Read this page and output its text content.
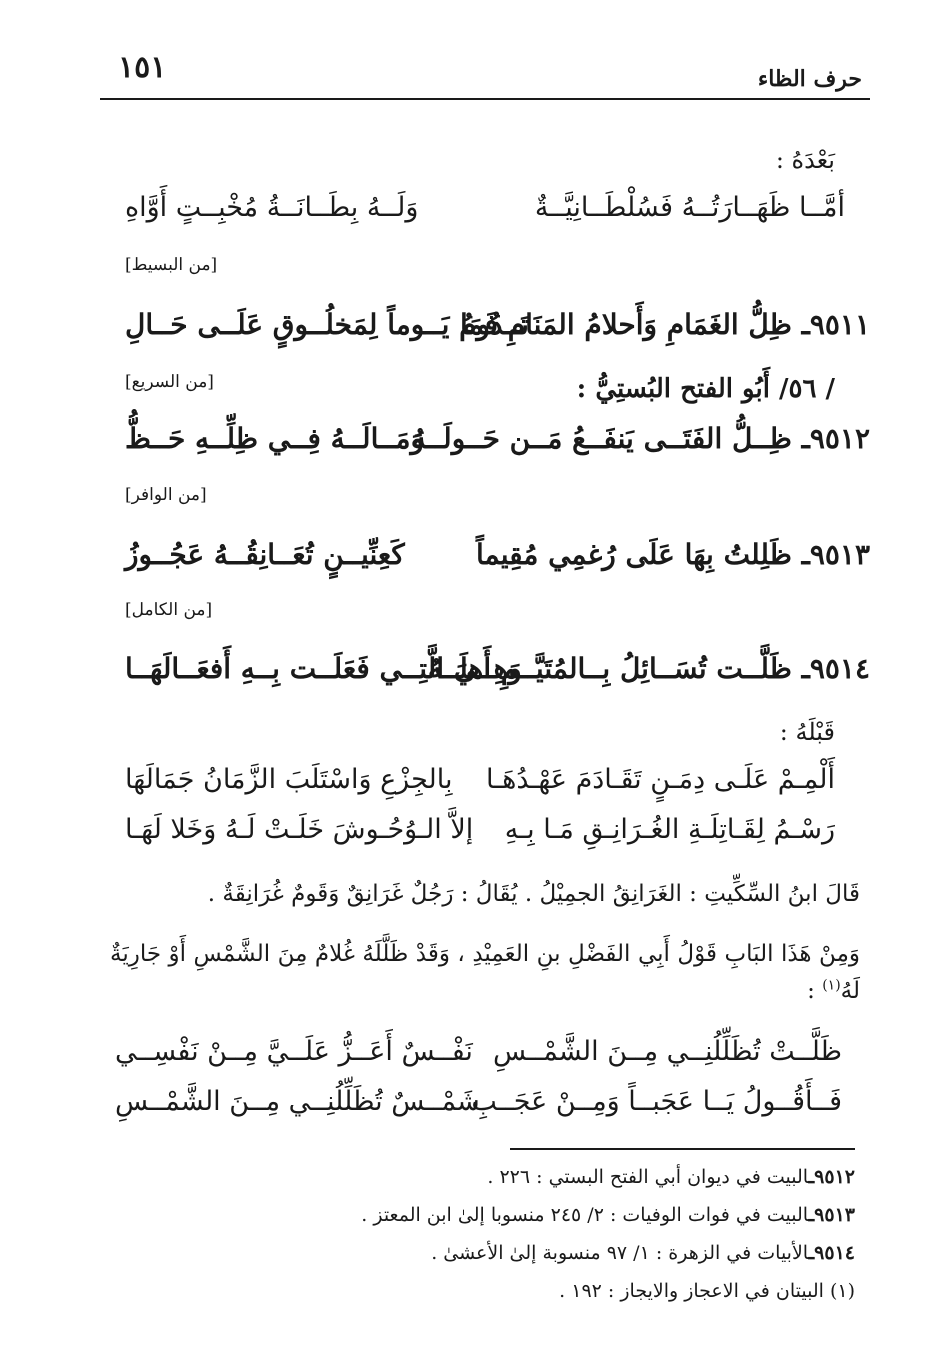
١٥١	حرف الظاء
بَعْدَهُ :
أمَّــا ظَهَــارَتُــهُ فَسُلْطَــانِيَّــةٌ
وَلَــهُ بِطَــانَــةُ مُخْبِــتٍ أَوَّاهِ
[من البسيط]
٩٥١١ـ ظِلُّ الغَمَامِ وَأَحلامُ المَنَامِ فَمَا
تَــدُومُ يَــوماً لِمَخلُــوقٍ عَلَــى حَــالِ
/ ٥٦/ أَبُو الفتح البُستِيُّ :
[من السريع]
٩٥١٢ـ ظِــلُّ الفَتَــى يَنفَــعُ مَــن حَــولَــهُ
وَمَــالَــهُ فِــي ظِلِّــهِ حَــظُّ
[من الوافر]
٩٥١٣ـ ظَلِلتُ بِهَا عَلَى رُغمِي مُقِيماً
كَعِنِّيــنٍ تُعَــانِقُــهُ عَجُــوزُ
[من الكامل]
٩٥١٤ـ ظَلَّــت تُسَــائِلُ بِــالمُتَيَّــمِ أَهلَــهُ
وَهِــيَ الَّتِــي فَعَلَــت بِــهِ أَفعَــالَهَــا
قَبْلَهُ :
أَلْمِـمْ عَلَـى دِمَـنٍ تَقَـادَمَ عَهْـدُهَـا
بِالجِزْعِ وَاسْتَلَبَ الزَّمَانُ جَمَالَهَا
رَسْـمُ لِقَـاتِلَـةِ الغُـرَانِـقِ مَـا بِـهِ
إلاَّ الـوُحُـوشَ خَلَـتْ لَـهُ وَخَلا لَهَـا
قَالَ ابنُ السِّكِّيتِ : الغَرَانِقُ الجمِيْلُ . يُقَالُ : رَجُلٌ غَرَانِقٌ وَقَومٌ غُرَانِقَةٌ .
وَمِنْ هَذَا البَابِ قَوْلُ أَبِي الفَضْلِ بنِ العَمِيْدِ ، وَقَدْ ظَلَّلَهُ غُلامٌ مِنَ الشَّمْسِ أَوْ جَارِيَةٌ لَهُ$^{(١)}$ :
ظَلَّــتْ تُظَلِّلُنِــي مِــنَ الشَّمْــسِ
نَفْــسٌ أَعَــزُّ عَلَــيَّ مِــنْ نَفْسِــي
فَــأَقُــولُ يَــا عَجَبــاً وَمِــنْ عَجَــبِ
شَمْــسٌ تُظَلِّلُنِــي مِــنَ الشَّمْــسِ
٩٥١٢ـالبيت في ديوان أبي الفتح البستي : ٢٢٦ .
٩٥١٣ـالبيت في فوات الوفيات : ٢/ ٢٤٥ منسوبا إلىٰ ابن المعتز .
٩٥١٤ـالأبيات في الزهرة : ١/ ٩٧ منسوبة إلىٰ الأعشىٰ .
(١) البيتان في الاعجاز والايجاز : ١٩٢ .
